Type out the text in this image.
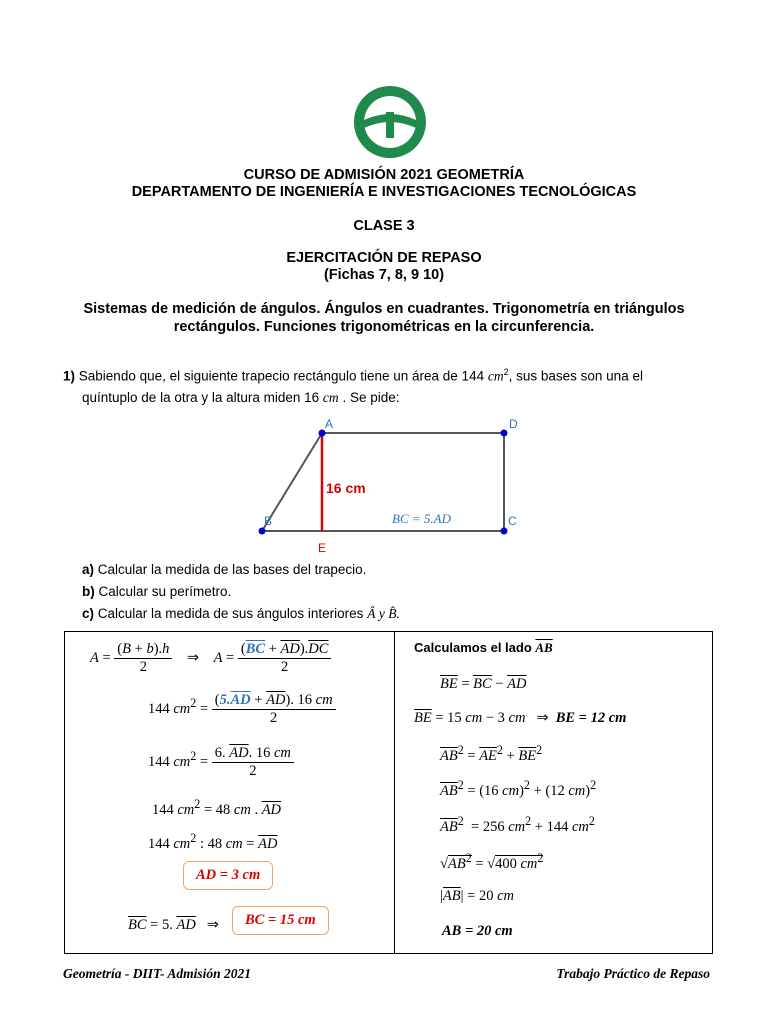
CURSO DE ADMISIÓN 2021 GEOMETRÍA
DEPARTAMENTO DE INGENIERÍA E INVESTIGACIONES TECNOLÓGICAS
CLASE 3
EJERCITACIÓN DE REPASO
(Fichas 7, 8, 9 10)
Sistemas de medición de ángulos. Ángulos en cuadrantes. Trigonometría en triángulos
rectángulos. Funciones trigonométricas en la circunferencia.
1) Sabiendo que, el siguiente trapecio rectángulo tiene un área de 144 $cm^2$, sus bases son una el
quíntuplo de la otra y la altura miden 16 cm . Se pide:
A	D
B	C
E
16 cm
BC = 5.AD
a) Calcular la medida de las bases del trapecio.
b) Calcular su perímetro.
c) Calcular la medida de sus ángulos interiores Â y B̂.
$A = \frac{(B + b).h}{2}$ ⇒    $A = \frac{(\overline{BC} + \overline{AD}).\overline{DC}}{2}$
144 $cm^2 = \frac{(5.\overline{AD} + \overline{AD}). 16 cm}{2}$
144 $cm^2 = \frac{6. \overline{AD}. 16 cm}{2}$
144 $cm^2 = 48$ cm . $\overline{AD}$
144 $cm^2$ : 48 cm = $\overline{AD}$
AD = 3 cm
$\overline{BC} = 5$. $\overline{AD}$   ⇒	BC = 15 cm
Calculamos el lado $\overline{AB}$
$\overline{BE} = \overline{BC} - \overline{AD}$
$\overline{BE} = 15$ cm − 3 cm   ⇒  BE = 12 cm
$\overline{AB}^2 = \overline{AE}^2 + \overline{BE}^2$
$\overline{AB}^2 = (16$ cm)$^2$ + (12 cm)$^2$
$\overline{AB}^2 = 256$ $cm^2 + 144$ $cm^2$
$√AB^2 = √400$ $cm^2$
$|\overline{AB}| = 20$ cm
AB = 20 cm
Geometría - DIIT- Admisión 2021	Trabajo Práctico de Repaso
